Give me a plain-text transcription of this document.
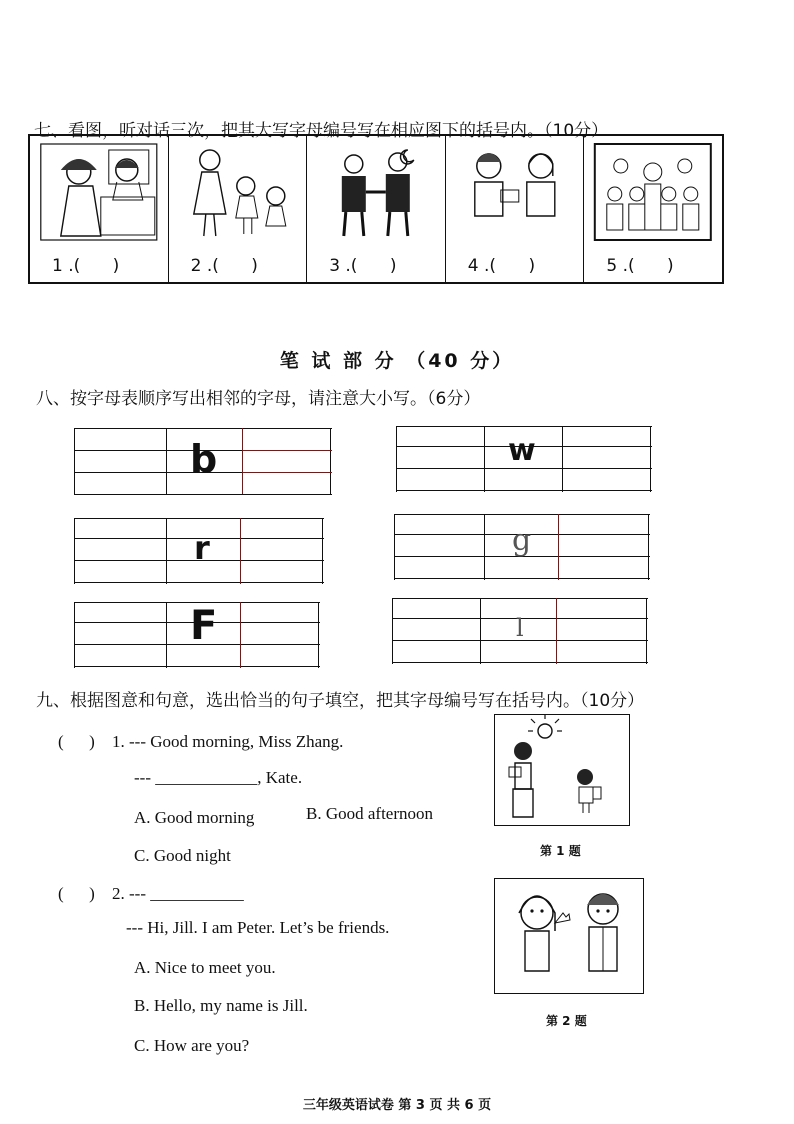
七、看图，听对话三次，把其大写字母编号写在相应图下的括号内。（10分）
1 .(      )	2 .(      )	3 .(      )	4 .(      )	5 .(      )
笔 试 部 分 （40 分）
八、按字母表顺序写出相邻的字母，请注意大小写。（6分）
b	w
r	g
F	l
九、根据图意和句意，选出恰当的句子填空，把其字母编号写在括号内。（10分）
(      ) 1. --- Good morning, Miss Zhang.
--- ____________, Kate.
A. Good morning	B. Good afternoon
C. Good night	第 1 题
(      ) 2. --- ___________
--- Hi, Jill. I am Peter. Let’s be friends.
A. Nice to meet you.
B. Hello, my name is Jill.
C. How are you?
第 2 题
三年级英语试卷 第 3 页 共 6 页
